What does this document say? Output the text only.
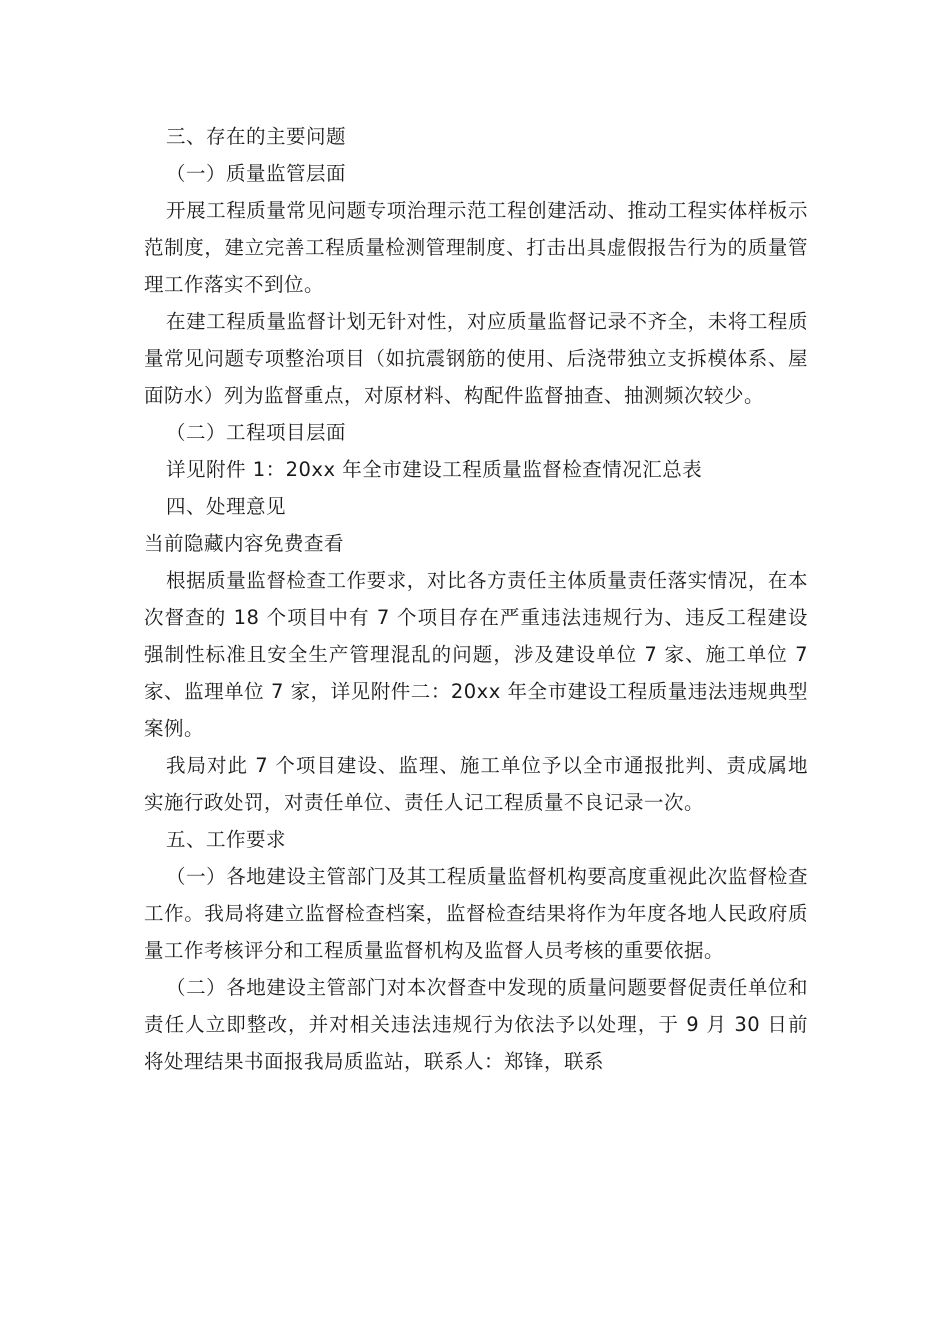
三、存在的主要问题
（一）质量监管层面

开展工程质量常见问题专项治理示范工程创建活动、推动工程实体样板示范制度，建立完善工程质量检测管理制度、打击出具虚假报告行为的质量管理工作落实不到位。

在建工程质量监督计划无针对性，对应质量监督记录不齐全，未将工程质量常见问题专项整治项目（如抗震钢筋的使用、后浇带独立支拆模体系、屋面防水）列为监督重点，对原材料、构配件监督抽查、抽测频次较少。

（二）工程项目层面
详见附件 1：20xx 年全市建设工程质量监督检查情况汇总表
四、处理意见
当前隐藏内容免费查看

根据质量监督检查工作要求，对比各方责任主体质量责任落实情况，在本次督查的 18 个项目中有 7 个项目存在严重违法违规行为、违反工程建设强制性标准且安全生产管理混乱的问题，涉及建设单位 7 家、施工单位 7 家、监理单位 7 家，详见附件二：20xx 年全市建设工程质量违法违规典型案例。

我局对此 7 个项目建设、监理、施工单位予以全市通报批判、责成属地实施行政处罚，对责任单位、责任人记工程质量不良记录一次。

五、工作要求

（一）各地建设主管部门及其工程质量监督机构要高度重视此次监督检查工作。我局将建立监督检查档案，监督检查结果将作为年度各地人民政府质量工作考核评分和工程质量监督机构及监督人员考核的重要依据。

（二）各地建设主管部门对本次督查中发现的质量问题要督促责任单位和责任人立即整改，并对相关违法违规行为依法予以处理，于 9 月 30 日前将处理结果书面报我局质监站，联系人：郑锋，联系
